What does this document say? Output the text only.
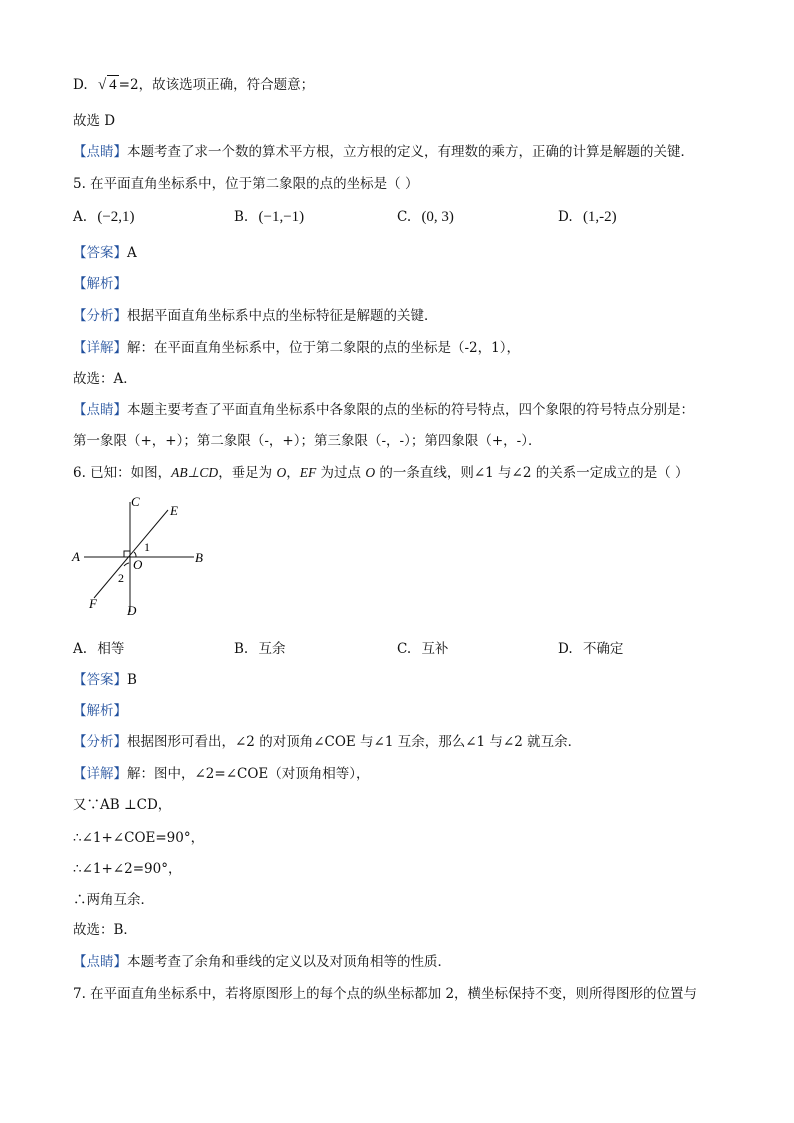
D. √ 4 =2，故该选项正确，符合题意；
故选 D
【点睛】本题考查了求一个数的算术平方根，立方根的定义，有理数的乘方，正确的计算是解题的关键．
5. 在平面直角坐标系中，位于第二象限的点的坐标是（ ）
A. (−2,1)	B. (−1,−1)	C. (0, 3)	D. (1,‑2)
【答案】A
【解析】
【分析】根据平面直角坐标系中点的坐标特征是解题的关键．
【详解】解：在平面直角坐标系中，位于第二象限的点的坐标是（-2，1），
故选：A．
【点睛】本题主要考查了平面直角坐标系中各象限的点的坐标的符号特点，四个象限的符号特点分别是：
第一象限（+，+）；第二象限（-，+）；第三象限（-，-）；第四象限（+，-）．
6. 已知：如图，AB⊥CD，垂足为 O，EF 为过点 O 的一条直线，则∠1 与∠2 的关系一定成立的是（ ）
C
E
A	B
O
1
2
F D
A. 相等	B. 互余	C. 互补	D. 不确定
【答案】B
【解析】
【分析】根据图形可看出，∠2 的对顶角∠COE 与∠1 互余，那么∠1 与∠2 就互余．
【详解】解：图中，∠2=∠COE（对顶角相等），
又∵AB ⊥CD，
∴∠1+∠COE=90°，
∴∠1+∠2=90°，
∴两角互余．
故选：B．
【点睛】本题考查了余角和垂线的定义以及对顶角相等的性质．
7. 在平面直角坐标系中，若将原图形上的每个点的纵坐标都加 2，横坐标保持不变，则所得图形的位置与
